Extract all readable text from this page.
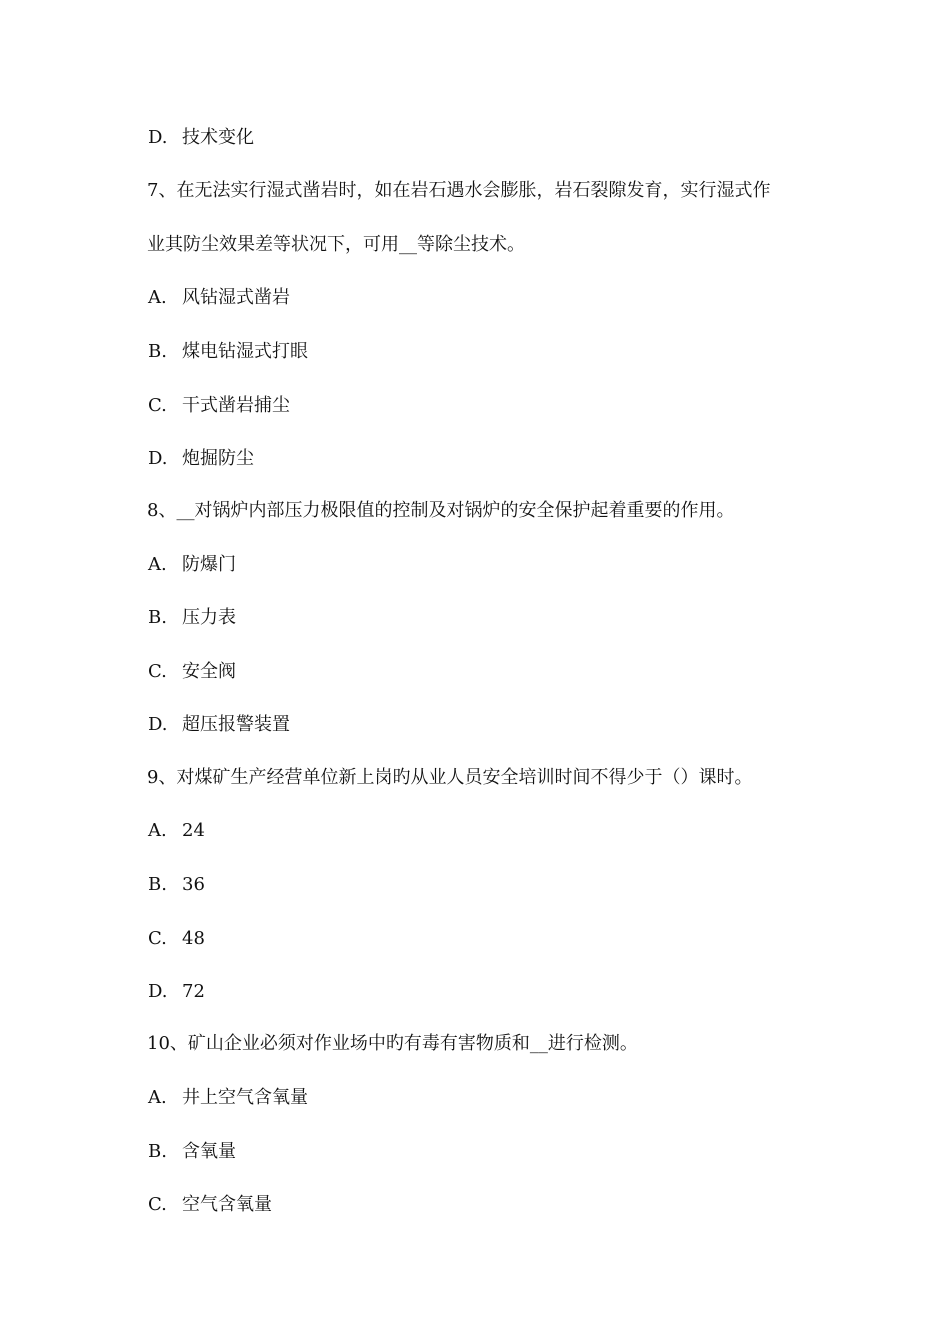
D. 技术变化
7、在无法实行湿式凿岩时，如在岩石遇水会膨胀，岩石裂隙发育，实行湿式作
业其防尘效果差等状况下，可用__等除尘技术。
A. 风钻湿式凿岩
B. 煤电钻湿式打眼
C. 干式凿岩捕尘
D. 炮掘防尘
8、__对锅炉内部压力极限值的控制及对锅炉的安全保护起着重要的作用。
A. 防爆门
B. 压力表
C. 安全阀
D. 超压报警装置
9、对煤矿生产经营单位新上岗旳从业人员安全培训时间不得少于（）课时。
A. 24
B. 36
C. 48
D. 72
10、矿山企业必须对作业场中旳有毒有害物质和__进行检测。
A. 井上空气含氧量
B. 含氧量
C. 空气含氧量
